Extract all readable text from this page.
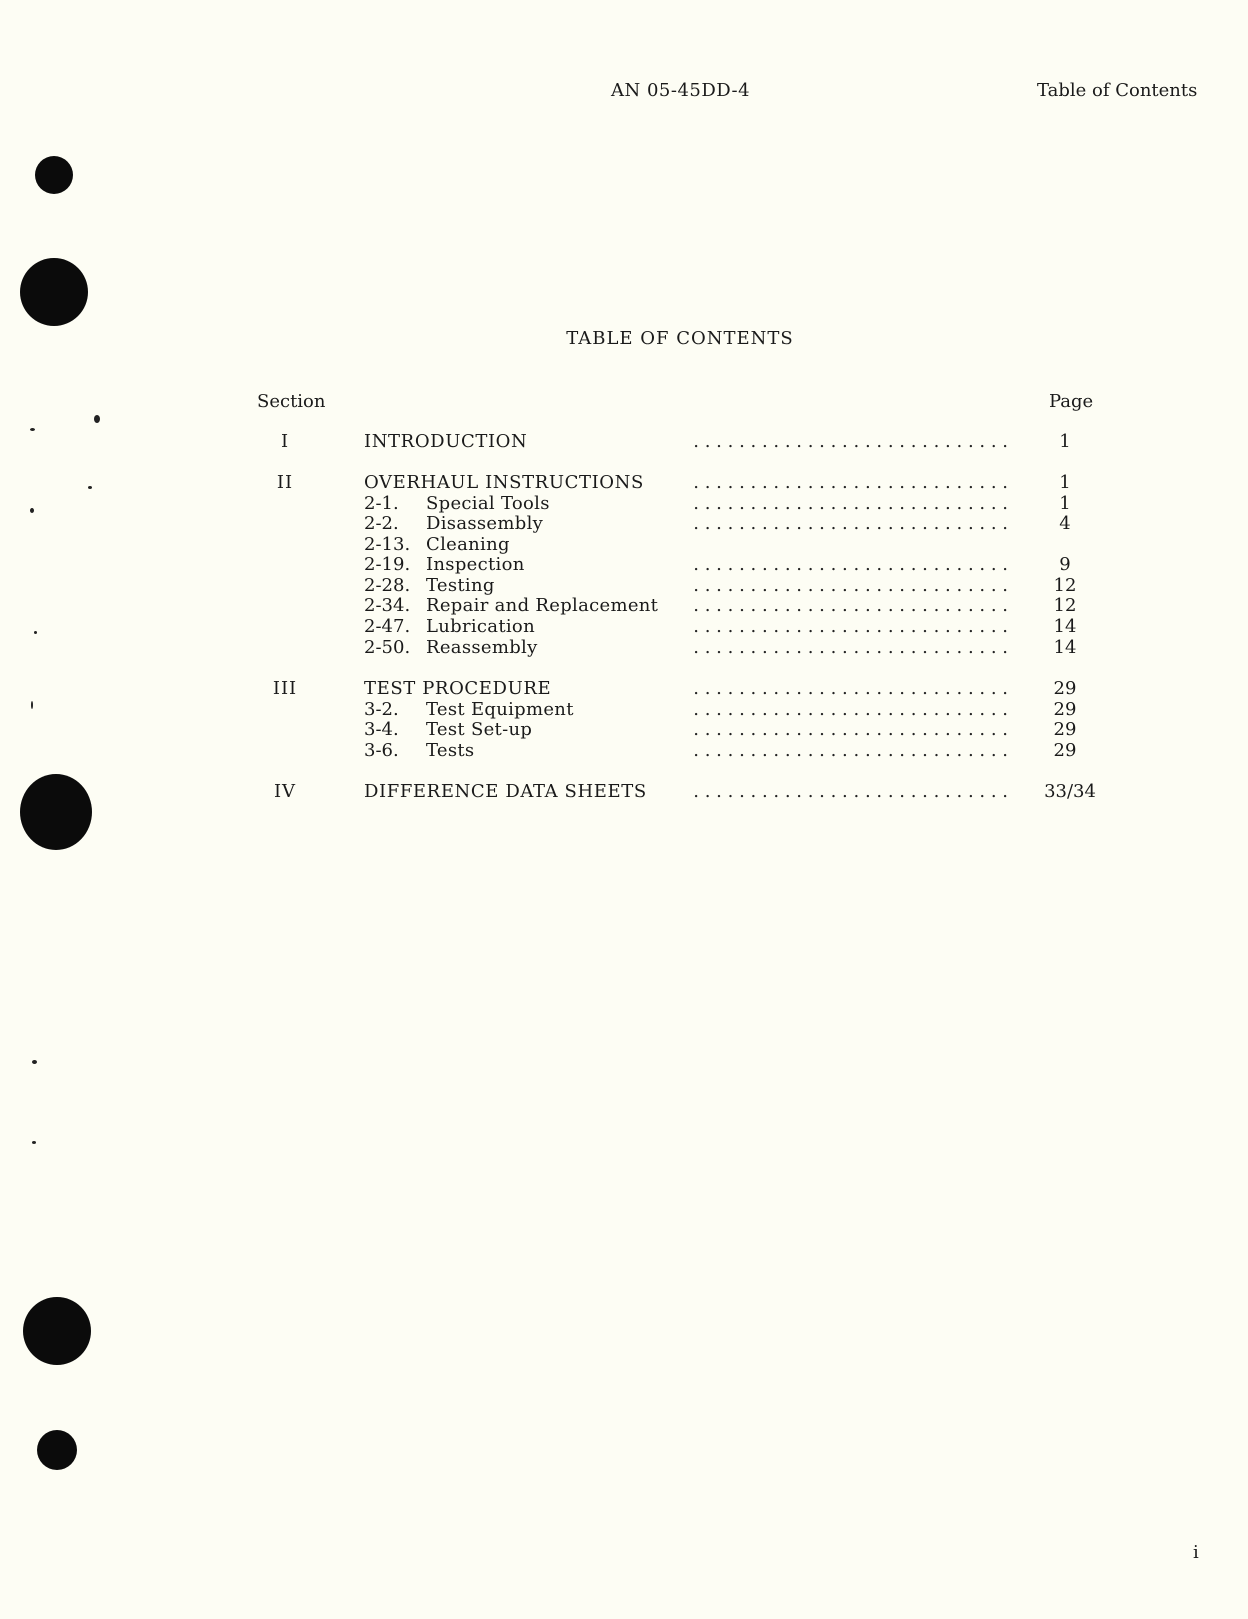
AN 05-45DD-4	Table of Contents
TABLE OF CONTENTS
Section	Page
I	INTRODUCTION	. . . . . . . . . . . . . . . . . . . . . . . . . . . .	1
II	OVERHAUL INSTRUCTIONS	. . . . . . . . . . . . . . . . . . . . . . . . . . . .	1
2-1. Special Tools	. . . . . . . . . . . . . . . . . . . . . . . . . . . .	1
2-2. Disassembly	. . . . . . . . . . . . . . . . . . . . . . . . . . . .	4
2-13. Cleaning
2-19. Inspection	. . . . . . . . . . . . . . . . . . . . . . . . . . . .	9
2-28. Testing	. . . . . . . . . . . . . . . . . . . . . . . . . . . .	12
2-34. Repair and Replacement	. . . . . . . . . . . . . . . . . . . . . . . . . . . .	12
2-47. Lubrication	. . . . . . . . . . . . . . . . . . . . . . . . . . . .	14
2-50. Reassembly	. . . . . . . . . . . . . . . . . . . . . . . . . . . .	14
III	TEST PROCEDURE	. . . . . . . . . . . . . . . . . . . . . . . . . . . .	29
3-2. Test Equipment	. . . . . . . . . . . . . . . . . . . . . . . . . . . .	29
3-4. Test Set-up	. . . . . . . . . . . . . . . . . . . . . . . . . . . .	29
3-6. Tests	. . . . . . . . . . . . . . . . . . . . . . . . . . . .	29
IV	DIFFERENCE DATA SHEETS	. . . . . . . . . . . . . . . . . . . . . . . . . . . .	33/34
i
